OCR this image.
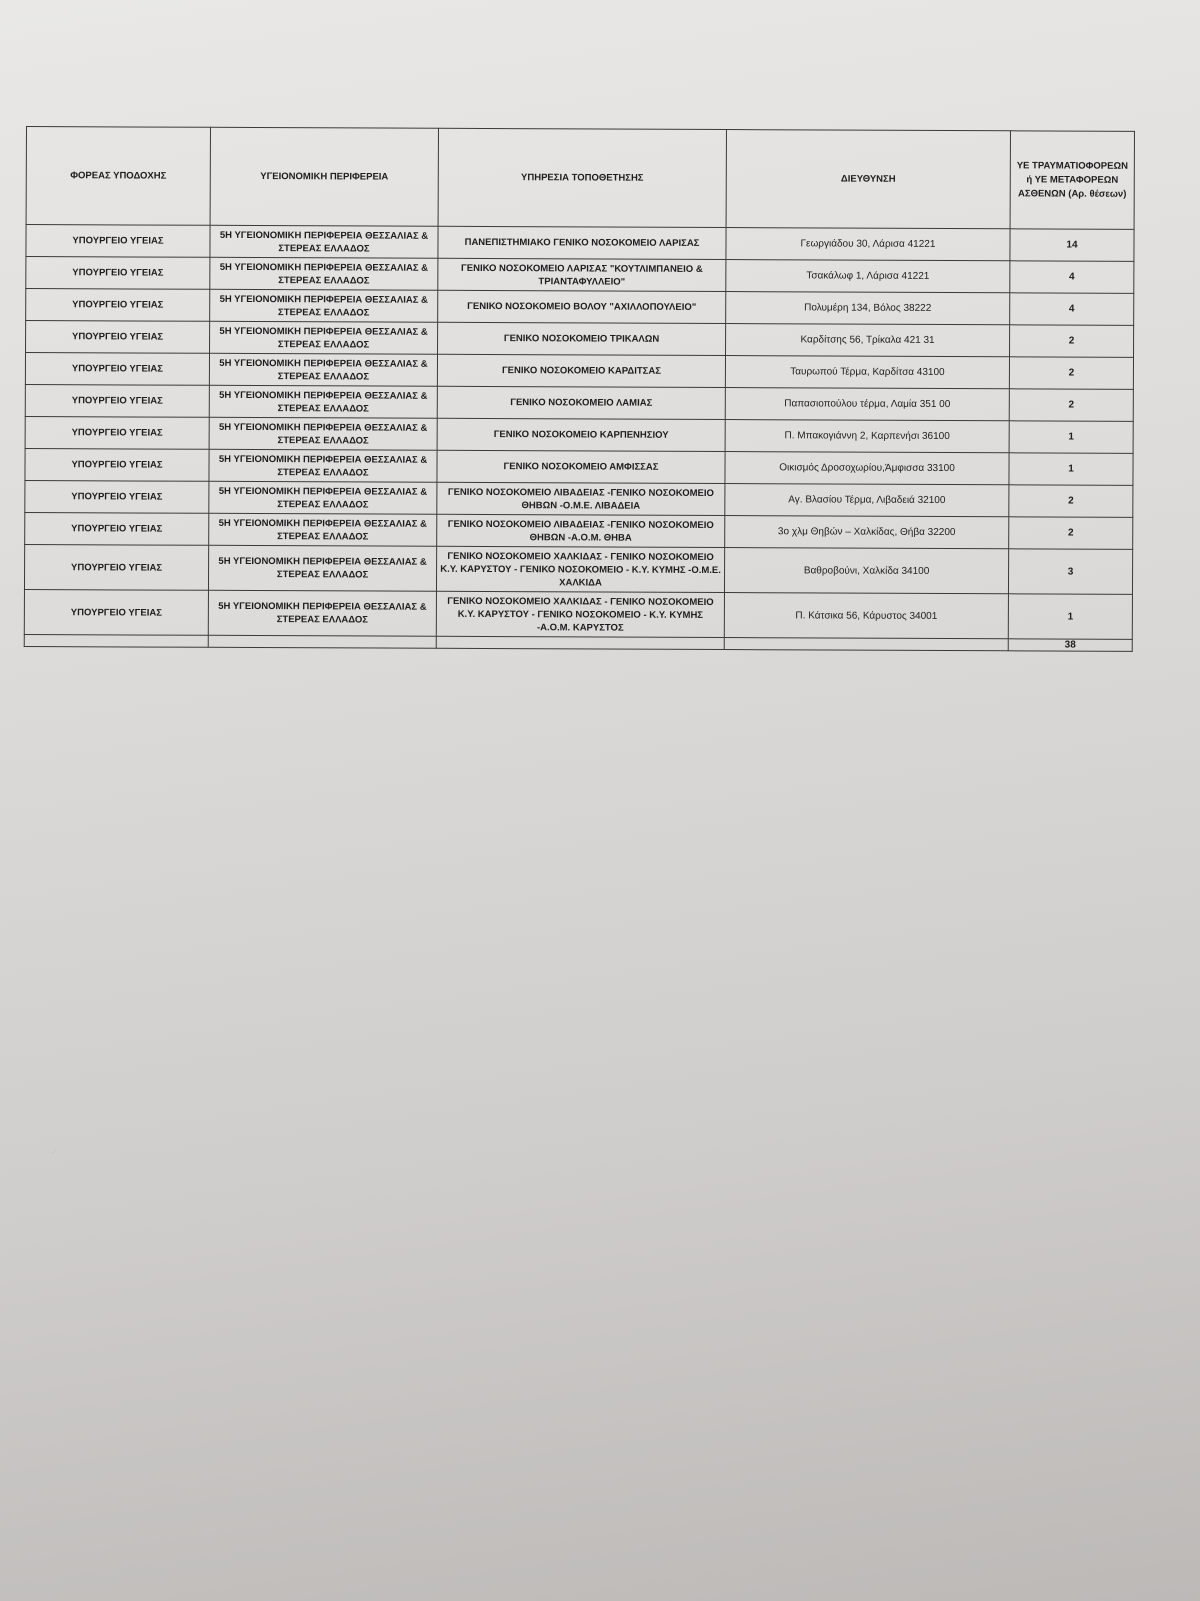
ΦΟΡΕΑΣ ΥΠΟΔΟΧΗΣ	ΥΓΕΙΟΝΟΜΙΚΗ ΠΕΡΙΦΕΡΕΙΑ	ΥΠΗΡΕΣΙΑ ΤΟΠΟΘΕΤΗΣΗΣ	ΔΙΕΥΘΥΝΣΗ	ΥΕ ΤΡΑΥΜΑΤΙΟΦΟΡΕΩΝ ή ΥΕ ΜΕΤΑΦΟΡΕΩΝ ΑΣΘΕΝΩΝ (Αρ. θέσεων)
ΥΠΟΥΡΓΕΙΟ ΥΓΕΙΑΣ	5Η ΥΓΕΙΟΝΟΜΙΚΗ ΠΕΡΙΦΕΡΕΙΑ ΘΕΣΣΑΛΙΑΣ & ΣΤΕΡΕΑΣ ΕΛΛΑΔΟΣ	ΠΑΝΕΠΙΣΤΗΜΙΑΚΟ ΓΕΝΙΚΟ ΝΟΣΟΚΟΜΕΙΟ ΛΑΡΙΣΑΣ	Γεωργιάδου 30, Λάρισα 41221	14
ΥΠΟΥΡΓΕΙΟ ΥΓΕΙΑΣ	5Η ΥΓΕΙΟΝΟΜΙΚΗ ΠΕΡΙΦΕΡΕΙΑ ΘΕΣΣΑΛΙΑΣ & ΣΤΕΡΕΑΣ ΕΛΛΑΔΟΣ	ΓΕΝΙΚΟ ΝΟΣΟΚΟΜΕΙΟ ΛΑΡΙΣΑΣ "ΚΟΥΤΛΙΜΠΑΝΕΙΟ & ΤΡΙΑΝΤΑΦΥΛΛΕΙΟ"	Τσακάλωφ 1, Λάρισα 41221	4
ΥΠΟΥΡΓΕΙΟ ΥΓΕΙΑΣ	5Η ΥΓΕΙΟΝΟΜΙΚΗ ΠΕΡΙΦΕΡΕΙΑ ΘΕΣΣΑΛΙΑΣ & ΣΤΕΡΕΑΣ ΕΛΛΑΔΟΣ	ΓΕΝΙΚΟ ΝΟΣΟΚΟΜΕΙΟ ΒΟΛΟΥ "ΑΧΙΛΛΟΠΟΥΛΕΙΟ"	Πολυμέρη 134, Βόλος 38222	4
ΥΠΟΥΡΓΕΙΟ ΥΓΕΙΑΣ	5Η ΥΓΕΙΟΝΟΜΙΚΗ ΠΕΡΙΦΕΡΕΙΑ ΘΕΣΣΑΛΙΑΣ & ΣΤΕΡΕΑΣ ΕΛΛΑΔΟΣ	ΓΕΝΙΚΟ ΝΟΣΟΚΟΜΕΙΟ ΤΡΙΚΑΛΩΝ	Καρδίτσης 56, Τρίκαλα 421 31	2
ΥΠΟΥΡΓΕΙΟ ΥΓΕΙΑΣ	5Η ΥΓΕΙΟΝΟΜΙΚΗ ΠΕΡΙΦΕΡΕΙΑ ΘΕΣΣΑΛΙΑΣ & ΣΤΕΡΕΑΣ ΕΛΛΑΔΟΣ	ΓΕΝΙΚΟ ΝΟΣΟΚΟΜΕΙΟ ΚΑΡΔΙΤΣΑΣ	Ταυρωπού Τέρμα, Καρδίτσα 43100	2
ΥΠΟΥΡΓΕΙΟ ΥΓΕΙΑΣ	5Η ΥΓΕΙΟΝΟΜΙΚΗ ΠΕΡΙΦΕΡΕΙΑ ΘΕΣΣΑΛΙΑΣ & ΣΤΕΡΕΑΣ ΕΛΛΑΔΟΣ	ΓΕΝΙΚΟ ΝΟΣΟΚΟΜΕΙΟ ΛΑΜΙΑΣ	Παπασιοπούλου τέρμα, Λαμία 351 00	2
ΥΠΟΥΡΓΕΙΟ ΥΓΕΙΑΣ	5Η ΥΓΕΙΟΝΟΜΙΚΗ ΠΕΡΙΦΕΡΕΙΑ ΘΕΣΣΑΛΙΑΣ & ΣΤΕΡΕΑΣ ΕΛΛΑΔΟΣ	ΓΕΝΙΚΟ ΝΟΣΟΚΟΜΕΙΟ ΚΑΡΠΕΝΗΣΙΟΥ	Π. Μπακογιάννη 2, Καρπενήσι 36100	1
ΥΠΟΥΡΓΕΙΟ ΥΓΕΙΑΣ	5Η ΥΓΕΙΟΝΟΜΙΚΗ ΠΕΡΙΦΕΡΕΙΑ ΘΕΣΣΑΛΙΑΣ & ΣΤΕΡΕΑΣ ΕΛΛΑΔΟΣ	ΓΕΝΙΚΟ ΝΟΣΟΚΟΜΕΙΟ ΑΜΦΙΣΣΑΣ	Οικισμός Δροσοχωρίου,Άμφισσα 33100	1
ΥΠΟΥΡΓΕΙΟ ΥΓΕΙΑΣ	5Η ΥΓΕΙΟΝΟΜΙΚΗ ΠΕΡΙΦΕΡΕΙΑ ΘΕΣΣΑΛΙΑΣ & ΣΤΕΡΕΑΣ ΕΛΛΑΔΟΣ	ΓΕΝΙΚΟ ΝΟΣΟΚΟΜΕΙΟ ΛΙΒΑΔΕΙΑΣ -ΓΕΝΙΚΟ ΝΟΣΟΚΟΜΕΙΟ ΘΗΒΩΝ -Ο.Μ.Ε. ΛΙΒΑΔΕΙΑ	Αγ. Βλασίου Τέρμα, Λιβαδειά 32100	2
ΥΠΟΥΡΓΕΙΟ ΥΓΕΙΑΣ	5Η ΥΓΕΙΟΝΟΜΙΚΗ ΠΕΡΙΦΕΡΕΙΑ ΘΕΣΣΑΛΙΑΣ & ΣΤΕΡΕΑΣ ΕΛΛΑΔΟΣ	ΓΕΝΙΚΟ ΝΟΣΟΚΟΜΕΙΟ ΛΙΒΑΔΕΙΑΣ -ΓΕΝΙΚΟ ΝΟΣΟΚΟΜΕΙΟ ΘΗΒΩΝ -Α.Ο.Μ. ΘΗΒΑ	3ο χλμ Θηβών – Χαλκίδας, Θήβα 32200	2
ΥΠΟΥΡΓΕΙΟ ΥΓΕΙΑΣ	5Η ΥΓΕΙΟΝΟΜΙΚΗ ΠΕΡΙΦΕΡΕΙΑ ΘΕΣΣΑΛΙΑΣ & ΣΤΕΡΕΑΣ ΕΛΛΑΔΟΣ	ΓΕΝΙΚΟ ΝΟΣΟΚΟΜΕΙΟ ΧΑΛΚΙΔΑΣ - ΓΕΝΙΚΟ ΝΟΣΟΚΟΜΕΙΟ Κ.Υ. ΚΑΡΥΣΤΟΥ - ΓΕΝΙΚΟ ΝΟΣΟΚΟΜΕΙΟ - Κ.Υ. ΚΥΜΗΣ -Ο.Μ.Ε. ΧΑΛΚΙΔΑ	Βαθροβούνι, Χαλκίδα 34100	3
ΥΠΟΥΡΓΕΙΟ ΥΓΕΙΑΣ	5Η ΥΓΕΙΟΝΟΜΙΚΗ ΠΕΡΙΦΕΡΕΙΑ ΘΕΣΣΑΛΙΑΣ & ΣΤΕΡΕΑΣ ΕΛΛΑΔΟΣ	ΓΕΝΙΚΟ ΝΟΣΟΚΟΜΕΙΟ ΧΑΛΚΙΔΑΣ - ΓΕΝΙΚΟ ΝΟΣΟΚΟΜΕΙΟ Κ.Υ. ΚΑΡΥΣΤΟΥ - ΓΕΝΙΚΟ ΝΟΣΟΚΟΜΕΙΟ - Κ.Υ. ΚΥΜΗΣ -Α.Ο.Μ. ΚΑΡΥΣΤΟΣ	Π. Κάτσικα 56, Κάρυστος 34001	1
				38
.·
